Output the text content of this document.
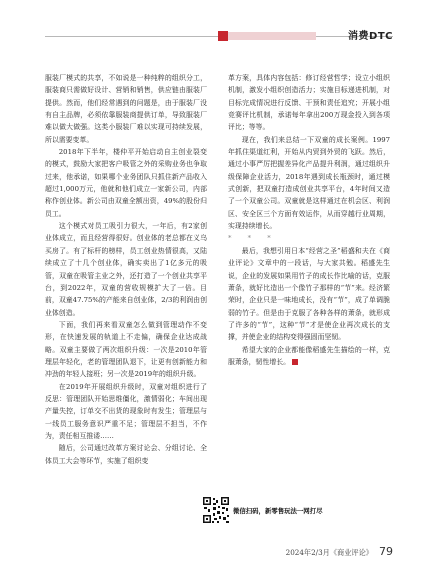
消费DTC

服装厂模式的共享，不如说是一种纯粹的组织分工，服装商只需做好设计、营销和销售，供应链由服装厂提供。然而，他们经常遇到的问题是，由于服装厂没有自主品牌，必须依靠服装商提供订单，导致服装厂难以做大做强。这类小服装厂难以实现可持续发展，所以需要变革。

2018年下半年，楼仲平开始启动自主创业裂变的模式，鼓励大家把客户吸管之外的采购业务也争取过来，他承诺，如果哪个业务团队只抓住新产品收入超过1,000万元，他就和他们成立一家新公司，内部称作创业体。新公司由双童全额出资，49%的股份归员工。

这个模式对员工吸引力很大，一年后，有2家创业体成立，而且经营得很好。创业体的老总都在义乌买房了。有了标杆的榜样，员工创业热情很高，又陆续成立了十几个创业体，确实卖出了1亿多元的吸管，双童在吸管主业之外，还打造了一个创业共享平台，到2022年，双童的营收规模扩大了一倍。目前，双童47.75%的产能来自创业体，2/3的利润由创业体创造。

下面，我们再来看双童怎么做到管理动作不变形，在快速发展的轨道上不走偏，确保企业达成战略。双童主要做了两次组织升级：一次是2010年管理层年轻化，老的管理团队退下，让更有创新能力和冲劲的年轻人接班；另一次是2019年的组织升级。

在2019年开展组织升级时，双童对组织进行了反思：管理团队开始思维僵化，激情弱化；车间出现产量失控，订单交不出货的现象时有发生；管理层与一线员工服务意识严重不足；管理层不担当，不作为，责任相互推诿……

随后，公司通过改革方案讨论会、分组讨论、全体员工大会等环节，实施了组织变

革方案，具体内容包括：修订经营哲学；设立小组织机制，激发小组织创造活力；实施目标递进机制，对目标完成情况进行反馈、干预和责任追究；开展小组竞赛评比机制，承诺每年拿出200万现金投入到各项评比；等等。

现在，我们来总结一下双童的成长案例。1997年抓住渠道红利，开始从内贸到外贸的飞跃。然后，通过小事严厉把握差异化产品提升利润，通过组织升级保障企业活力，2018年遇到成长瓶颈时，通过模式创新，把双童打造成创业共享平台，4年时间又造了一个双童公司。双童就是这样通过在机会区、利润区、安全区三个方面有效运作，从而穿越行业周期，实现持续增长。

* * *

最后，我想引用日本“经营之圣”稻盛和夫在《商业评论》文章中的一段话，与大家共勉。稻盛先生说，企业的发展如果用竹子的成长作比喻的话，克服萧条，就好比造出一个像竹子那样的“节”来。经济繁荣时，企业只是一味地成长，没有“节”，成了单调脆弱的竹子。但是由于克服了各种各样的萧条，就形成了许多的“节”，这种“节”才是使企业再次成长的支撑，并使企业的结构变得强固而坚韧。

希望大家的企业都能像稻盛先生描绘的一样，克服萧条，韧性增长。

微信扫码，新零售玩法一网打尽
2024年2/3月《商业评论》 79
